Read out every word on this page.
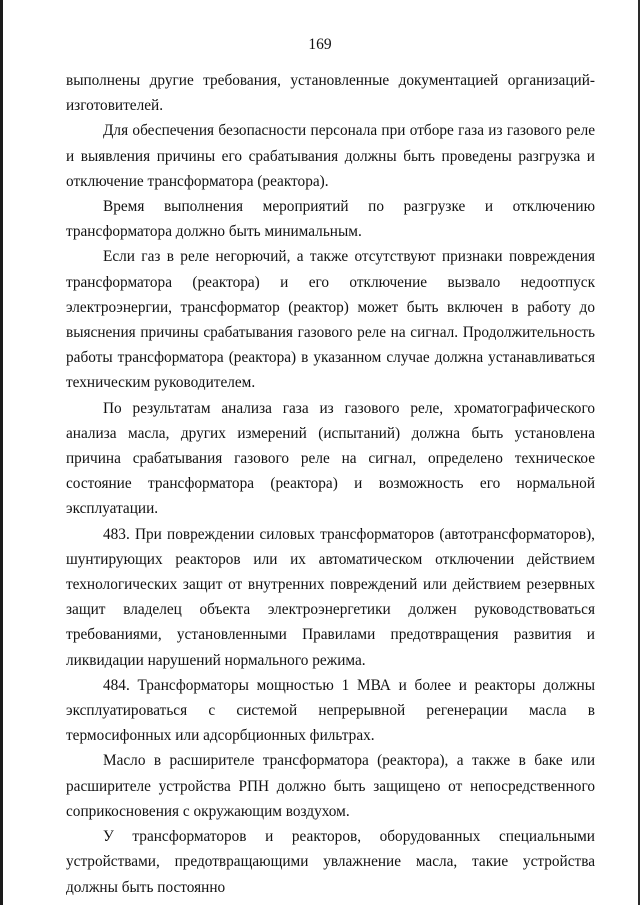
169

выполнены другие требования, установленные документацией организаций-изготовителей.

Для обеспечения безопасности персонала при отборе газа из газового реле и выявления причины его срабатывания должны быть проведены разгрузка и отключение трансформатора (реактора).

Время выполнения мероприятий по разгрузке и отключению трансформатора должно быть минимальным.

Если газ в реле негорючий, а также отсутствуют признаки повреждения трансформатора (реактора) и его отключение вызвало недоотпуск электроэнергии, трансформатор (реактор) может быть включен в работу до выяснения причины срабатывания газового реле на сигнал. Продолжительность работы трансформатора (реактора) в указанном случае должна устанавливаться техническим руководителем.

По результатам анализа газа из газового реле, хроматографического анализа масла, других измерений (испытаний) должна быть установлена причина срабатывания газового реле на сигнал, определено техническое состояние трансформатора (реактора) и возможность его нормальной эксплуатации.

483. При повреждении силовых трансформаторов (автотрансформаторов), шунтирующих реакторов или их автоматическом отключении действием технологических защит от внутренних повреждений или действием резервных защит владелец объекта электроэнергетики должен руководствоваться требованиями, установленными Правилами предотвращения развития и ликвидации нарушений нормального режима.

484. Трансформаторы мощностью 1 МВА и более и реакторы должны эксплуатироваться с системой непрерывной регенерации масла в термосифонных или адсорбционных фильтрах.

Масло в расширителе трансформатора (реактора), а также в баке или расширителе устройства РПН должно быть защищено от непосредственного соприкосновения с окружающим воздухом.

У трансформаторов и реакторов, оборудованных специальными устройствами, предотвращающими увлажнение масла, такие устройства должны быть постоянно
